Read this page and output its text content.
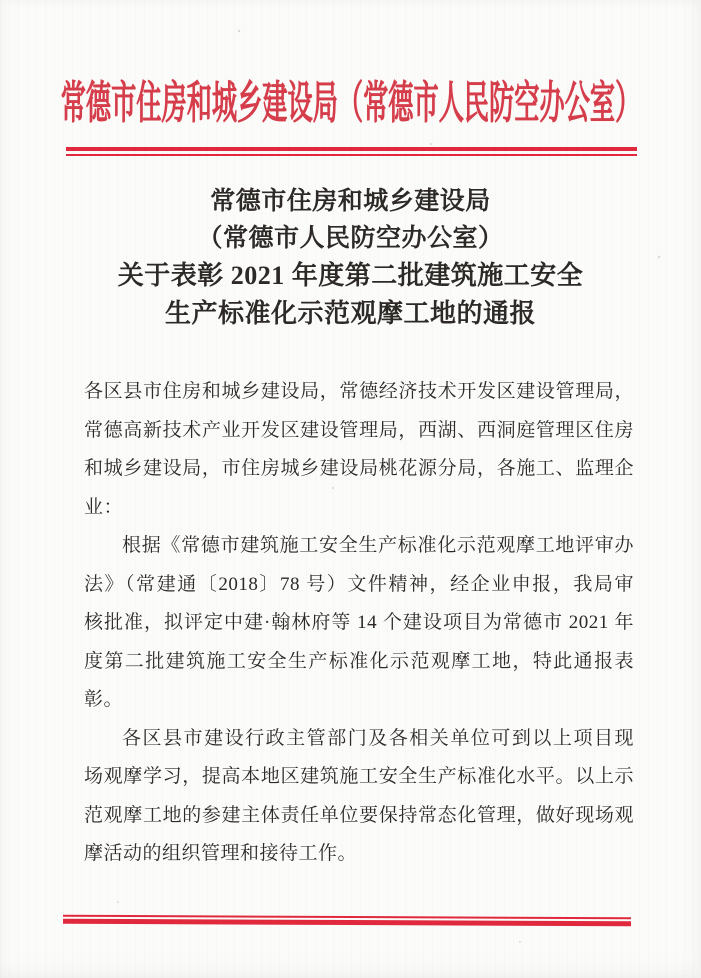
常德市住房和城乡建设局（常德市人民防空办公室）
常德市住房和城乡建设局
（常德市人民防空办公室）
关于表彰 2021 年度第二批建筑施工安全
生产标准化示范观摩工地的通报
各区县市住房和城乡建设局，常德经济技术开发区建设管理局，
常德高新技术产业开发区建设管理局，西湖、西洞庭管理区住房
和城乡建设局，市住房城乡建设局桃花源分局，各施工、监理企
业：
根据《常德市建筑施工安全生产标准化示范观摩工地评审办
法》（常建通〔2018〕78 号）文件精神，经企业申报，我局审
核批准，拟评定中建·翰林府等 14 个建设项目为常德市 2021 年
度第二批建筑施工安全生产标准化示范观摩工地，特此通报表
彰。
各区县市建设行政主管部门及各相关单位可到以上项目现
场观摩学习，提高本地区建筑施工安全生产标准化水平。以上示
范观摩工地的参建主体责任单位要保持常态化管理，做好现场观
摩活动的组织管理和接待工作。
